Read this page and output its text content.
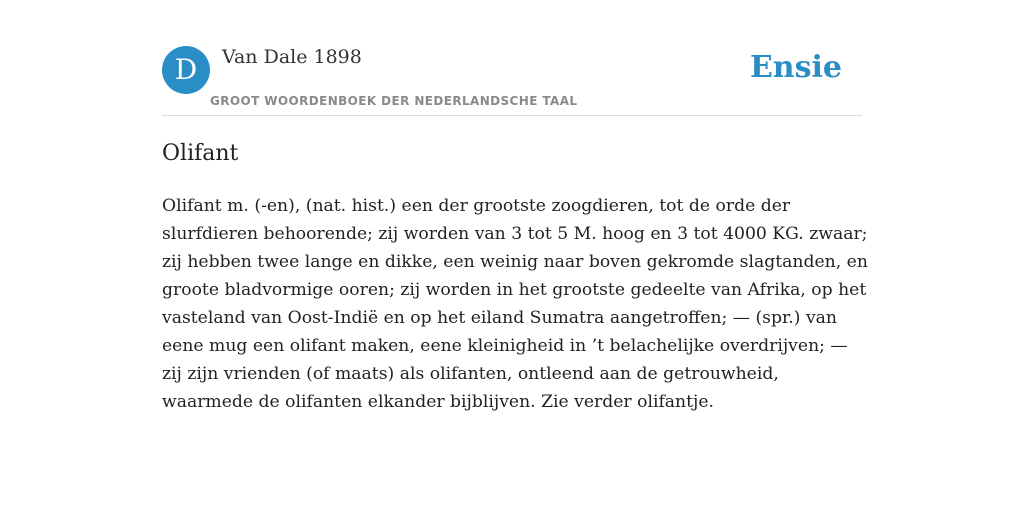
D	Van Dale 1898
GROOT WOORDENBOEK DER NEDERLANDSCHE TAAL
Ensie
Olifant
Olifant m. (-en), (nat. hist.) een der grootste zoogdieren, tot de orde der
slurfdieren behoorende; zij worden van 3 tot 5 M. hoog en 3 tot 4000 KG. zwaar;
zij hebben twee lange en dikke, een weinig naar boven gekromde slagtanden, en
groote bladvormige ooren; zij worden in het grootste gedeelte van Afrika, op het
vasteland van Oost-Indië en op het eiland Sumatra aangetroffen; — (spr.) van
eene mug een olifant maken, eene kleinigheid in ’t belachelijke overdrijven; —
zij zijn vrienden (of maats) als olifanten, ontleend aan de getrouwheid,
waarmede de olifanten elkander bijblijven. Zie verder olifantje.
